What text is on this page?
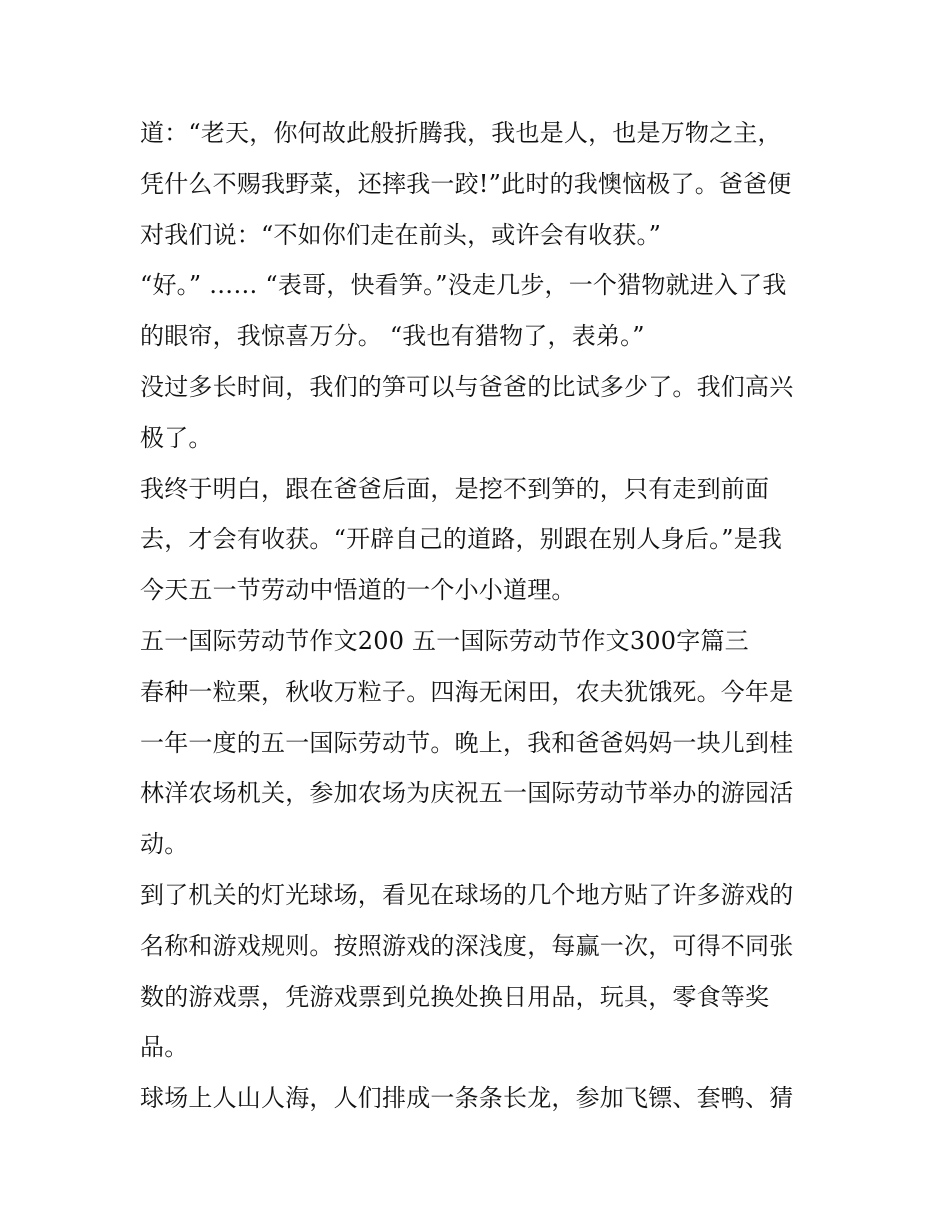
道：“老天，你何故此般折腾我，我也是人，也是万物之主，
凭什么不赐我野菜，还摔我一跤!”此时的我懊恼极了。爸爸便
对我们说：“不如你们走在前头，或许会有收获。”
“好。” …… “表哥，快看笋。”没走几步，一个猎物就进入了我
的眼帘，我惊喜万分。 “我也有猎物了，表弟。”
没过多长时间，我们的笋可以与爸爸的比试多少了。我们高兴
极了。
我终于明白，跟在爸爸后面，是挖不到笋的，只有走到前面
去，才会有收获。“开辟自己的道路，别跟在别人身后。”是我
今天五一节劳动中悟道的一个小小道理。
五一国际劳动节作文200 五一国际劳动节作文300字篇三
春种一粒栗，秋收万粒子。四海无闲田，农夫犹饿死。今年是
一年一度的五一国际劳动节。晚上，我和爸爸妈妈一块儿到桂
林洋农场机关，参加农场为庆祝五一国际劳动节举办的游园活
动。
到了机关的灯光球场，看见在球场的几个地方贴了许多游戏的
名称和游戏规则。按照游戏的深浅度，每赢一次，可得不同张
数的游戏票，凭游戏票到兑换处换日用品，玩具，零食等奖
品。
球场上人山人海，人们排成一条条长龙，参加飞镖、套鸭、猜
